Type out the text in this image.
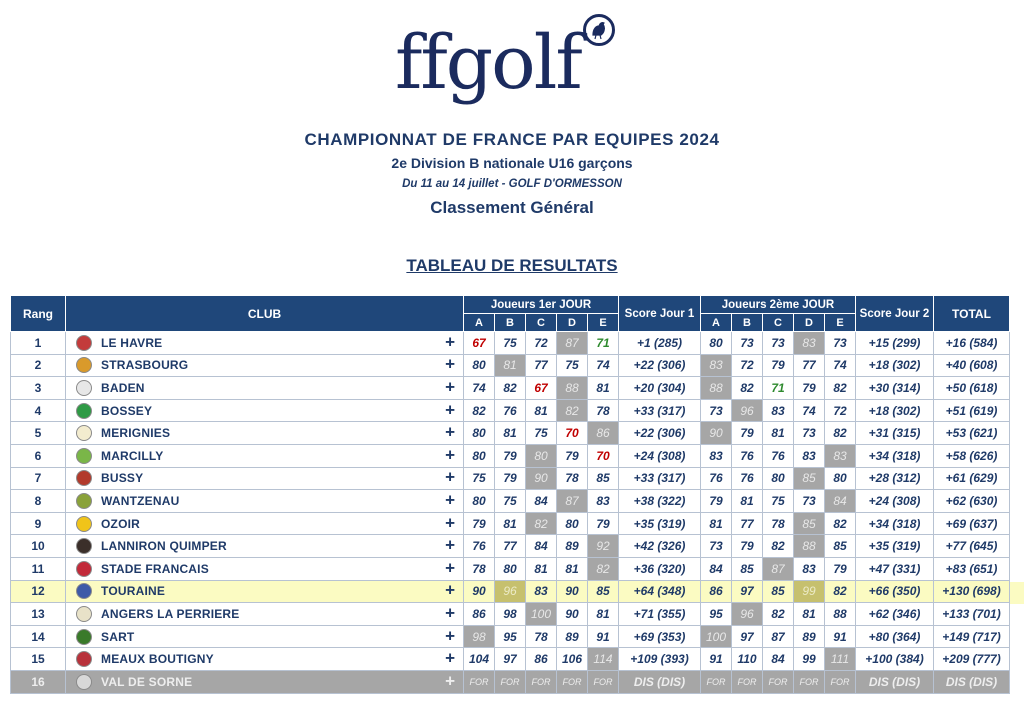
ffgolf
CHAMPIONNAT DE FRANCE PAR EQUIPES 2024
2e Division B nationale U16 garçons
Du 11 au 14 juillet - GOLF D'ORMESSON
Classement Général
TABLEAU DE RESULTATS
Rang	CLUB	Joueurs 1er JOUR					Score Jour 1	Joueurs 2ème JOUR					Score Jour 2	TOTAL
		A	B	C	D	E		A	B	C	D	E		
1	LE HAVRE +	67	75	72	87	71	+1 (285)	80	73	73	83	73	+15 (299)	+16 (584)
2	STRASBOURG +	80	81	77	75	74	+22 (306)	83	72	79	77	74	+18 (302)	+40 (608)
3	BADEN +	74	82	67	88	81	+20 (304)	88	82	71	79	82	+30 (314)	+50 (618)
4	BOSSEY +	82	76	81	82	78	+33 (317)	73	96	83	74	72	+18 (302)	+51 (619)
5	MERIGNIES +	80	81	75	70	86	+22 (306)	90	79	81	73	82	+31 (315)	+53 (621)
6	MARCILLY +	80	79	80	79	70	+24 (308)	83	76	76	83	83	+34 (318)	+58 (626)
7	BUSSY +	75	79	90	78	85	+33 (317)	76	76	80	85	80	+28 (312)	+61 (629)
8	WANTZENAU +	80	75	84	87	83	+38 (322)	79	81	75	73	84	+24 (308)	+62 (630)
9	OZOIR +	79	81	82	80	79	+35 (319)	81	77	78	85	82	+34 (318)	+69 (637)
10	LANNIRON QUIMPER +	76	77	84	89	92	+42 (326)	73	79	82	88	85	+35 (319)	+77 (645)
11	STADE FRANCAIS +	78	80	81	81	82	+36 (320)	84	85	87	83	79	+47 (331)	+83 (651)
12	TOURAINE +	90	96	83	90	85	+64 (348)	86	97	85	99	82	+66 (350)	+130 (698)
13	ANGERS LA PERRIERE +	86	98	100	90	81	+71 (355)	95	96	82	81	88	+62 (346)	+133 (701)
14	SART +	98	95	78	89	91	+69 (353)	100	97	87	89	91	+80 (364)	+149 (717)
15	MEAUX BOUTIGNY +	104	97	86	106	114	+109 (393)	91	110	84	99	111	+100 (384)	+209 (777)
16	VAL DE SORNE +	FOR	FOR	FOR	FOR	FOR	DIS (DIS)	FOR	FOR	FOR	FOR	FOR	DIS (DIS)	DIS (DIS)
